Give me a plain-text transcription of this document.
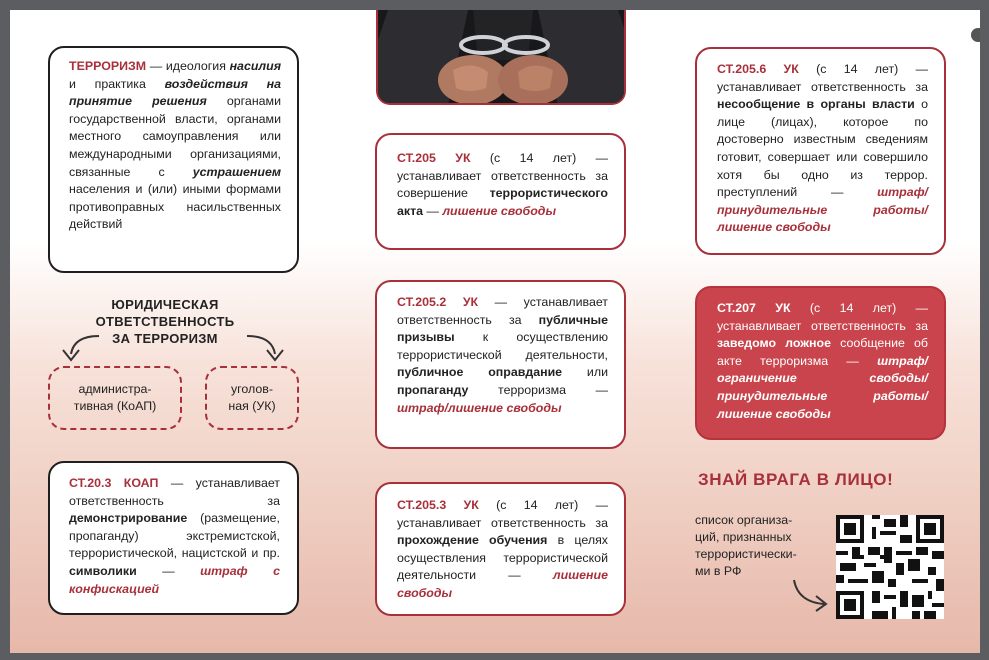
ТЕРРОРИЗМ — идеология насилия и практика воздействия на принятие решения органами государственной власти, органами местного самоуправления или международными организациями, связанные с устрашением населения и (или) иными формами противоправных насильственных действий

ЮРИДИЧЕСКАЯ
ОТВЕТСТВЕННОСТЬ
ЗА ТЕРРОРИЗМ
администра-
тивная (КоАП)
уголов-
ная (УК)

СТ.20.3 КОАП — устанавливает ответственность за демонстрирование (размещение, пропаганду) экстремистской, террористической, нацистской и пр. символики — штраф с конфискацией

СТ.205 УК (с 14 лет) — устанавливает ответственность за совершение террористического акта — лишение свободы

СТ.205.2 УК — устанавливает ответственность за публичные призывы к осуществлению террористической деятельности, публичное оправдание или пропаганду терроризма — штраф/лишение свободы

СТ.205.3 УК (с 14 лет) — устанавливает ответственность за прохождение обучения в целях осуществления террористической деятельности — лишение свободы

СТ.205.6 УК (с 14 лет) — устанавливает ответственность за несообщение в органы власти о лице (лицах), которое по достоверно известным сведениям готовит, совершает или совершило хотя бы одно из террор. преступлений — штраф/принудительные работы/ лишение свободы

СТ.207 УК (с 14 лет) — устанавливает ответственность за заведомо ложное сообщение об акте терроризма — штраф/ ограничение свободы/ принудительные работы/ лишение свободы

ЗНАЙ ВРАГА В ЛИЦО!
список организа-
ций, признанных
террористически-
ми в РФ
